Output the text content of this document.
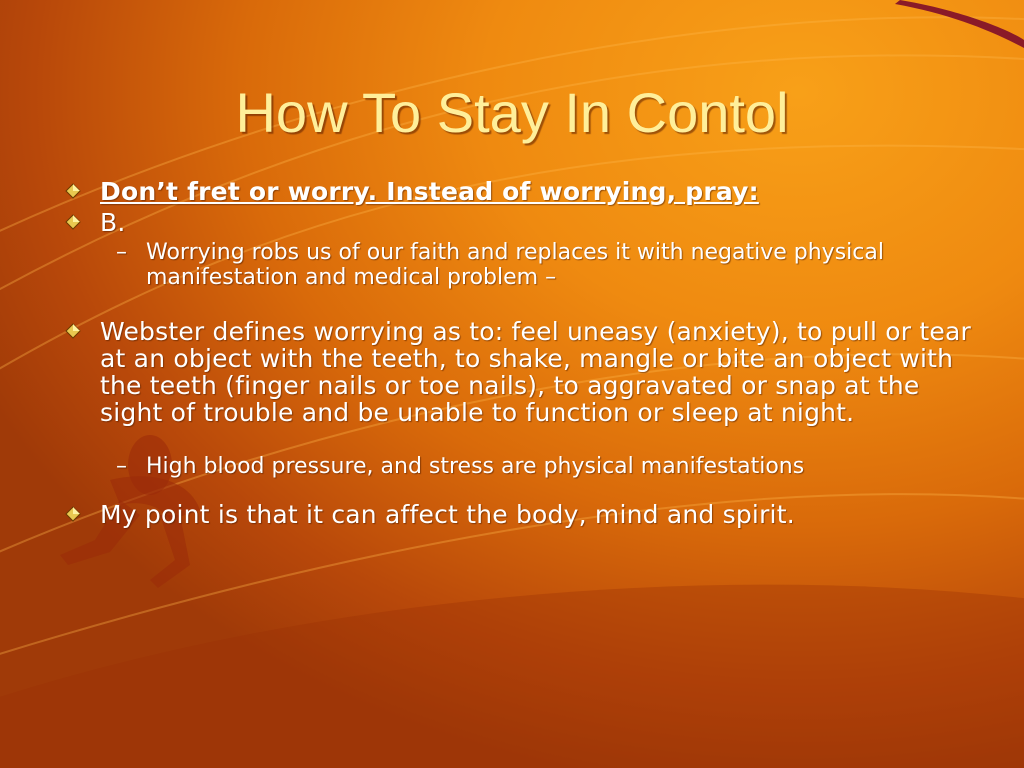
How To Stay In Contol
Don’t fret or worry. Instead of worrying, pray:
B.
– Worrying robs us of our faith and replaces it with negative physical manifestation and medical problem –
Webster defines worrying as to: feel uneasy (anxiety), to pull or tear at an object with the teeth, to shake, mangle or bite an object with the teeth (finger nails or toe nails), to aggravated or snap at the sight of trouble and be unable to function or sleep at night.
– High blood pressure, and stress are physical manifestations
My point is that it can affect the body, mind and spirit.
